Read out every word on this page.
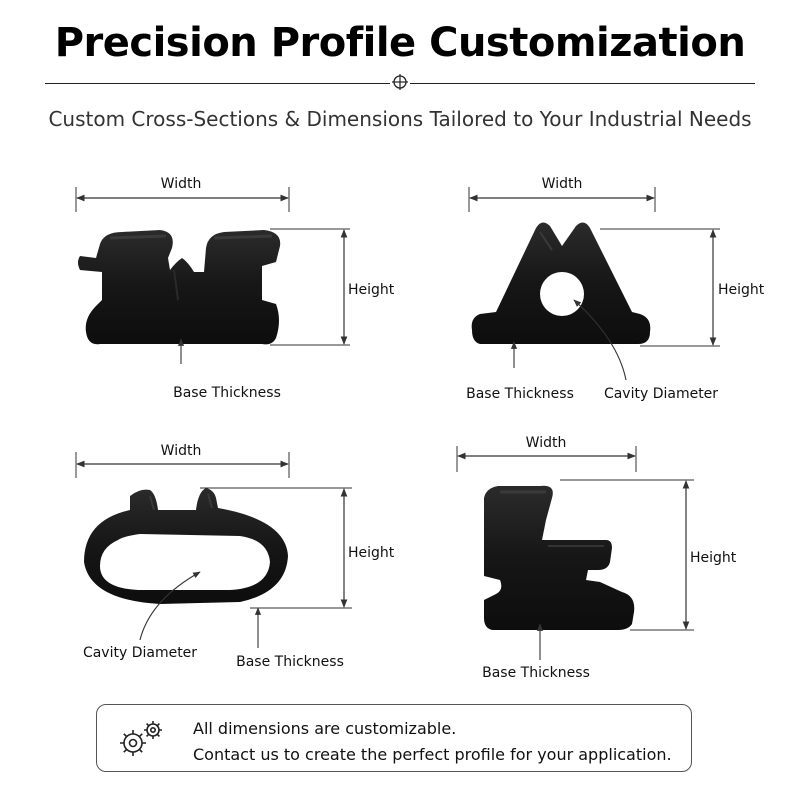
Precision Profile Customization
Custom Cross-Sections & Dimensions Tailored to Your Industrial Needs
Width
Height
Base Thickness
Width
Height
Base Thickness Cavity Diameter
Width
Height
Cavity Diameter
Base Thickness
Width
Height
Base Thickness
All dimensions are customizable.
Contact us to create the perfect profile for your application.
